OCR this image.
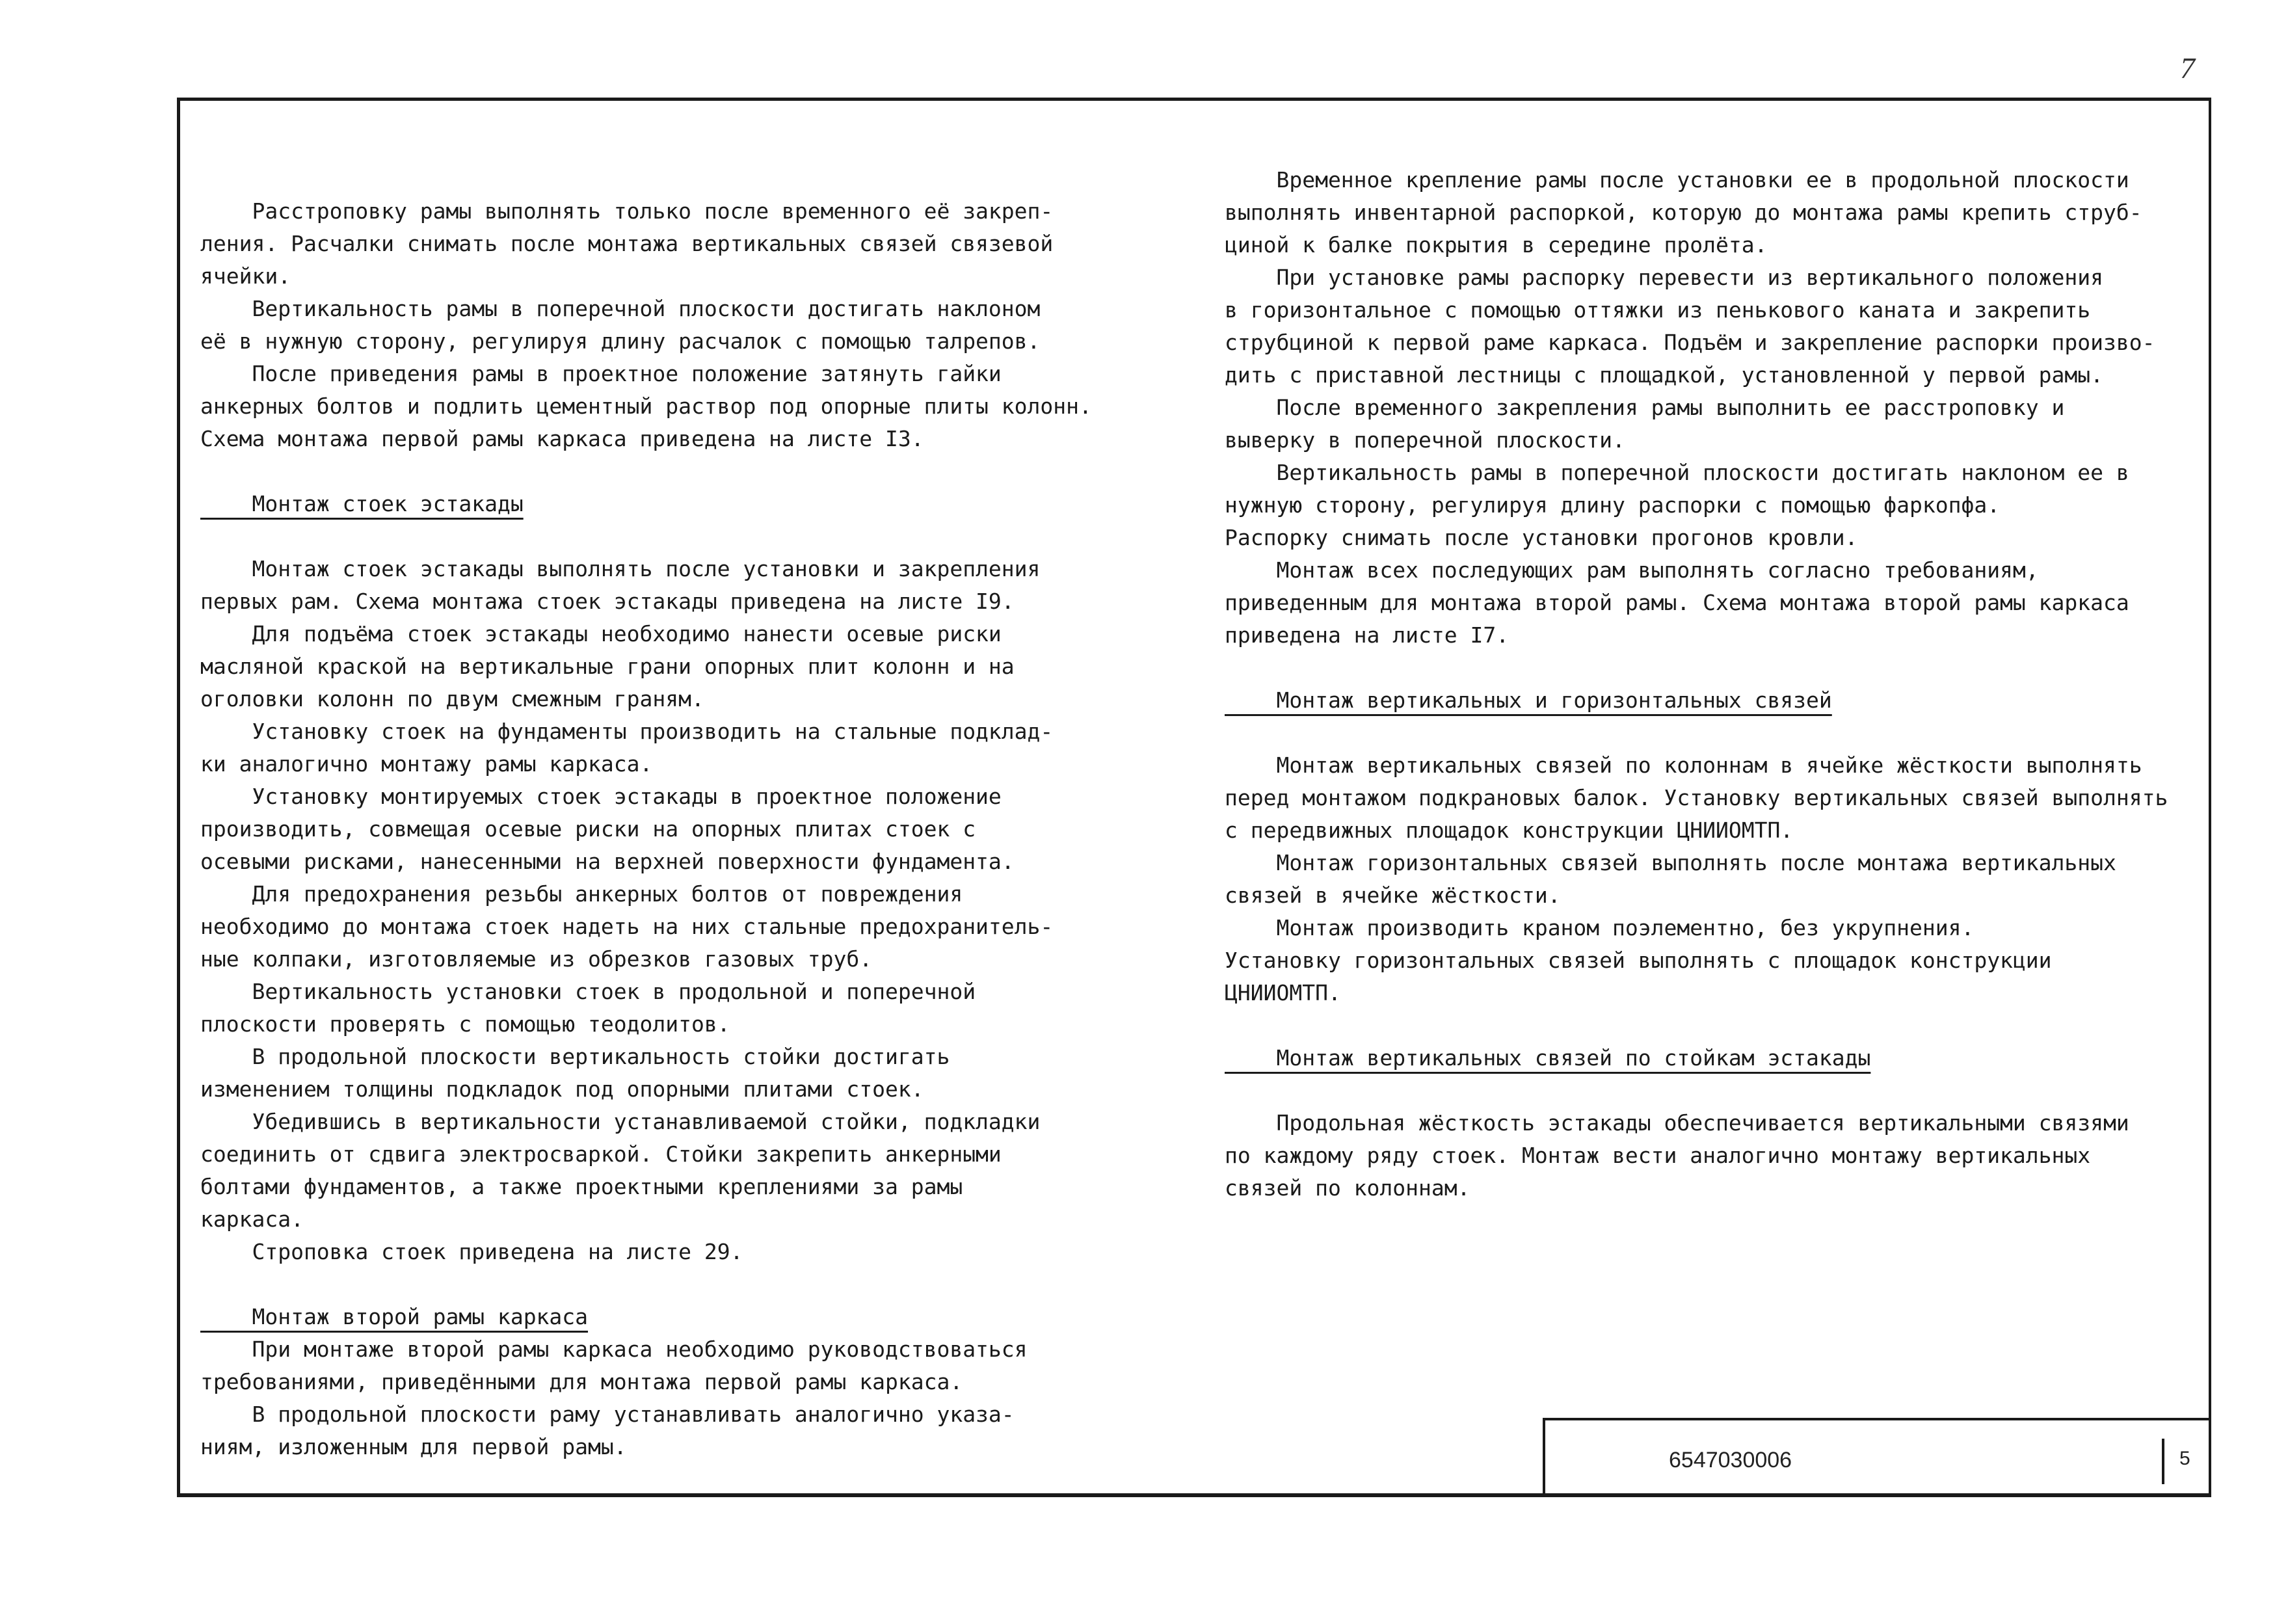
7

Расстроповку рамы выполнять только после временного её закреп-

ления. Расчалки снимать после монтажа вертикальных связей связевой

ячейки.

Вертикальность рамы в поперечной плоскости достигать наклоном

её в нужную сторону, регулируя длину расчалок с помощью талрепов.

После приведения рамы в проектное положение затянуть гайки

анкерных болтов и подлить цементный раствор под опорные плиты колонн.

Схема монтажа первой рамы каркаса приведена на листе I3.

Монтаж стоек эстакады

Монтаж стоек эстакады выполнять после установки и закрепления

первых рам. Схема монтажа стоек эстакады приведена на листе I9.

Для подъёма стоек эстакады необходимо нанести осевые риски

масляной краской на вертикальные грани опорных плит колонн и на

оголовки колонн по двум смежным граням.

Установку стоек на фундаменты производить на стальные подклад-

ки аналогично монтажу рамы каркаса.

Установку монтируемых стоек эстакады в проектное положение

производить, совмещая осевые риски на опорных плитах стоек с

осевыми рисками, нанесенными на верхней поверхности фундамента.

Для предохранения резьбы анкерных болтов от повреждения

необходимо до монтажа стоек надеть на них стальные предохранитель-

ные колпаки, изготовляемые из обрезков газовых труб.

Вертикальность установки стоек в продольной и поперечной

плоскости проверять с помощью теодолитов.

В продольной плоскости вертикальность стойки достигать

изменением толщины подкладок под опорными плитами стоек.

Убедившись в вертикальности устанавливаемой стойки, подкладки

соединить от сдвига электросваркой. Стойки закрепить анкерными

болтами фундаментов, а также проектными креплениями за рамы

каркаса.

Строповка стоек приведена на листе 29.

Монтаж второй рамы каркаса

При монтаже второй рамы каркаса необходимо руководствоваться

требованиями, приведёнными для монтажа первой рамы каркаса.

В продольной плоскости раму устанавливать аналогично указа-

ниям, изложенным для первой рамы.

Временное крепление рамы после установки ее в продольной плоскости

выполнять инвентарной распоркой, которую до монтажа рамы крепить струб-

циной к балке покрытия в середине пролёта.

При установке рамы распорку перевести из вертикального положения

в горизонтальное с помощью оттяжки из пенькового каната и закрепить

струбциной к первой раме каркаса. Подъём и закрепление распорки произво-

дить с приставной лестницы с площадкой, установленной у первой рамы.

После временного закрепления рамы выполнить ее расстроповку и

выверку в поперечной плоскости.

Вертикальность рамы в поперечной плоскости достигать наклоном ее в

нужную сторону, регулируя длину распорки с помощью фаркопфа.

Распорку снимать после установки прогонов кровли.

Монтаж всех последующих рам выполнять согласно требованиям,

приведенным для монтажа второй рамы. Схема монтажа второй рамы каркаса

приведена на листе I7.

Монтаж вертикальных и горизонтальных связей

Монтаж вертикальных связей по колоннам в ячейке жёсткости выполнять

перед монтажом подкрановых балок. Установку вертикальных связей выполнять

с передвижных площадок конструкции ЦНИИОМТП.

Монтаж горизонтальных связей выполнять после монтажа вертикальных

связей в ячейке жёсткости.

Монтаж производить краном поэлементно, без укрупнения.

Установку горизонтальных связей выполнять с площадок конструкции

ЦНИИОМТП.

Монтаж вертикальных связей по стойкам эстакады

Продольная жёсткость эстакады обеспечивается вертикальными связями

по каждому ряду стоек. Монтаж вести аналогично монтажу вертикальных

связей по колоннам.

6547030006	5
